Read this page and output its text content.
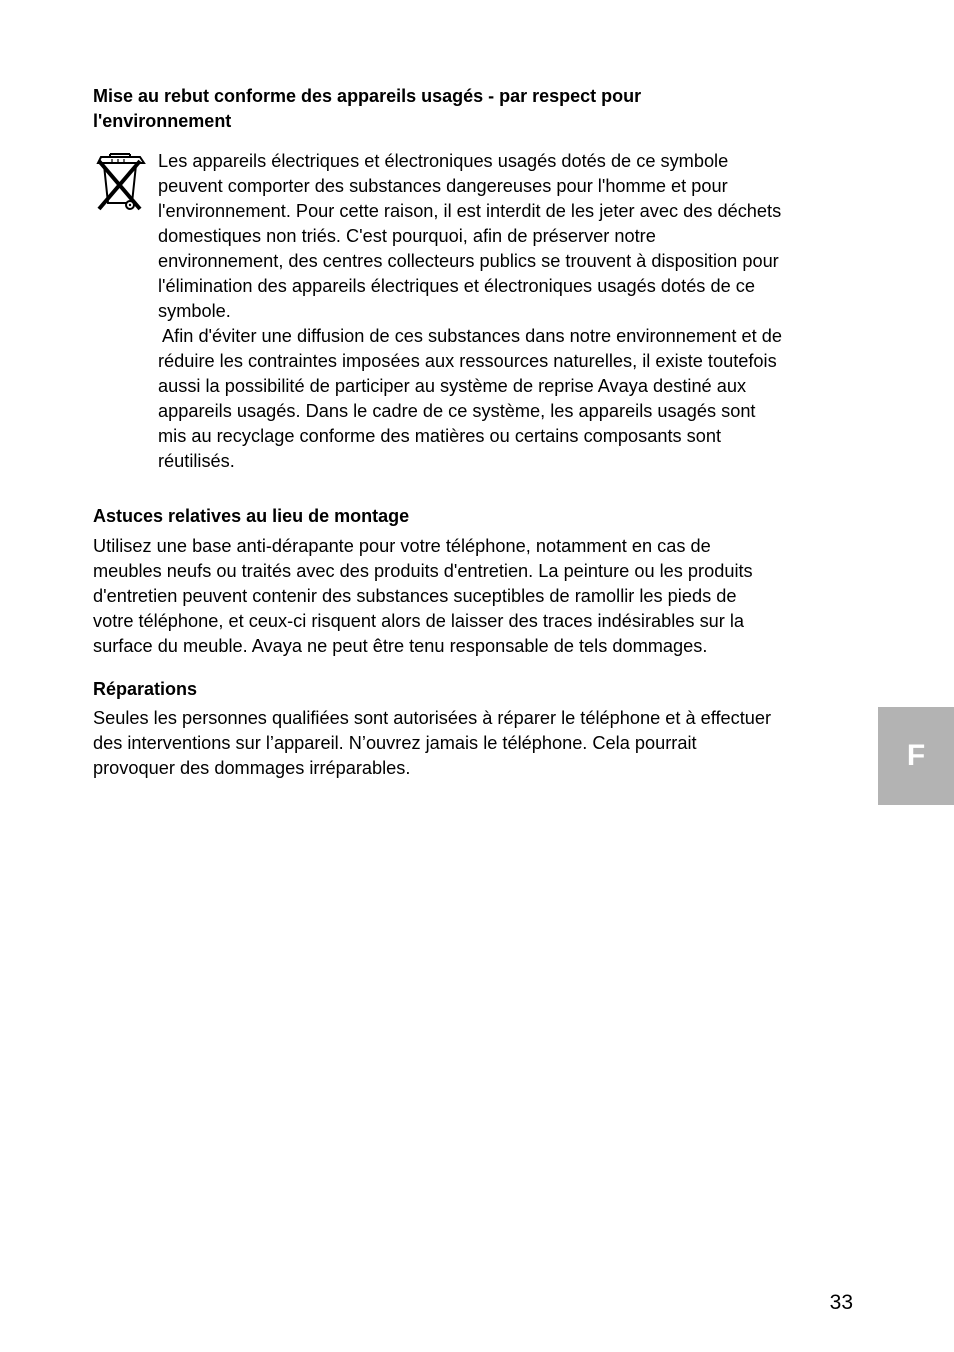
Mise au rebut conforme des appareils usagés - par respect pour
l'environnement
Les appareils électriques et électroniques usagés dotés de ce symbole
peuvent comporter des substances dangereuses pour l'homme et pour
l'environnement. Pour cette raison, il est interdit de les jeter avec des déchets
domestiques non triés. C'est pourquoi, afin de préserver notre
environnement, des centres collecteurs publics se trouvent à disposition pour
l'élimination des appareils électriques et électroniques usagés dotés de ce
symbole.
Afin d'éviter une diffusion de ces substances dans notre environnement et de
réduire les contraintes imposées aux ressources naturelles, il existe toutefois
aussi la possibilité de participer au système de reprise Avaya destiné aux
appareils usagés. Dans le cadre de ce système, les appareils usagés sont
mis au recyclage conforme des matières ou certains composants sont
réutilisés.
Astuces relatives au lieu de montage
Utilisez une base anti-dérapante pour votre téléphone, notamment en cas de
meubles neufs ou traités avec des produits d'entretien. La peinture ou les produits
d'entretien peuvent contenir des substances suceptibles de ramollir les pieds de
votre téléphone, et ceux-ci risquent alors de laisser des traces indésirables sur la
surface du meuble. Avaya ne peut être tenu responsable de tels dommages.
Réparations
Seules les personnes qualifiées sont autorisées à réparer le téléphone et à effectuer
des interventions sur l’appareil. N’ouvrez jamais le téléphone. Cela pourrait
provoquer des dommages irréparables.	F
33
